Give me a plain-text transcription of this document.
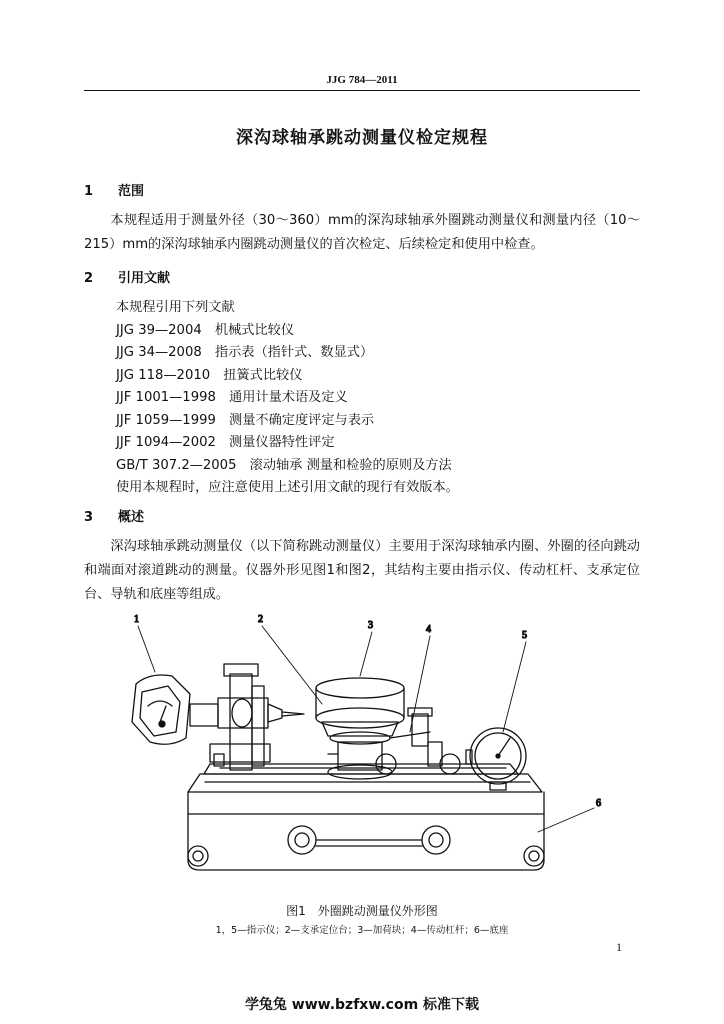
JJG 784—2011
深沟球轴承跳动测量仪检定规程
1 范围

本规程适用于测量外径（30～360）mm的深沟球轴承外圈跳动测量仪和测量内径（10～215）mm的深沟球轴承内圈跳动测量仪的首次检定、后续检定和使用中检查。

2 引用文献
本规程引用下列文献
JJG 39—2004　机械式比较仪
JJG 34—2008　指示表（指针式、数显式）
JJG 118—2010　扭簧式比较仪
JJF 1001—1998　通用计量术语及定义
JJF 1059—1999　测量不确定度评定与表示
JJF 1094—2002　测量仪器特性评定
GB/T 307.2—2005　滚动轴承 测量和检验的原则及方法
使用本规程时，应注意使用上述引用文献的现行有效版本。
3 概述

深沟球轴承跳动测量仪（以下简称跳动测量仪）主要用于深沟球轴承内圈、外圈的径向跳动和端面对滚道跳动的测量。仪器外形见图1和图2，其结构主要由指示仪、传动杠杆、支承定位台、导轨和底座等组成。

1	2
3	4
5
6
图1　外圈跳动测量仪外形图
1，5—指示仪；2—支承定位台；3—加荷块；4—传动杠杆；6—底座
1
学兔兔 www.bzfxw.com 标准下载
